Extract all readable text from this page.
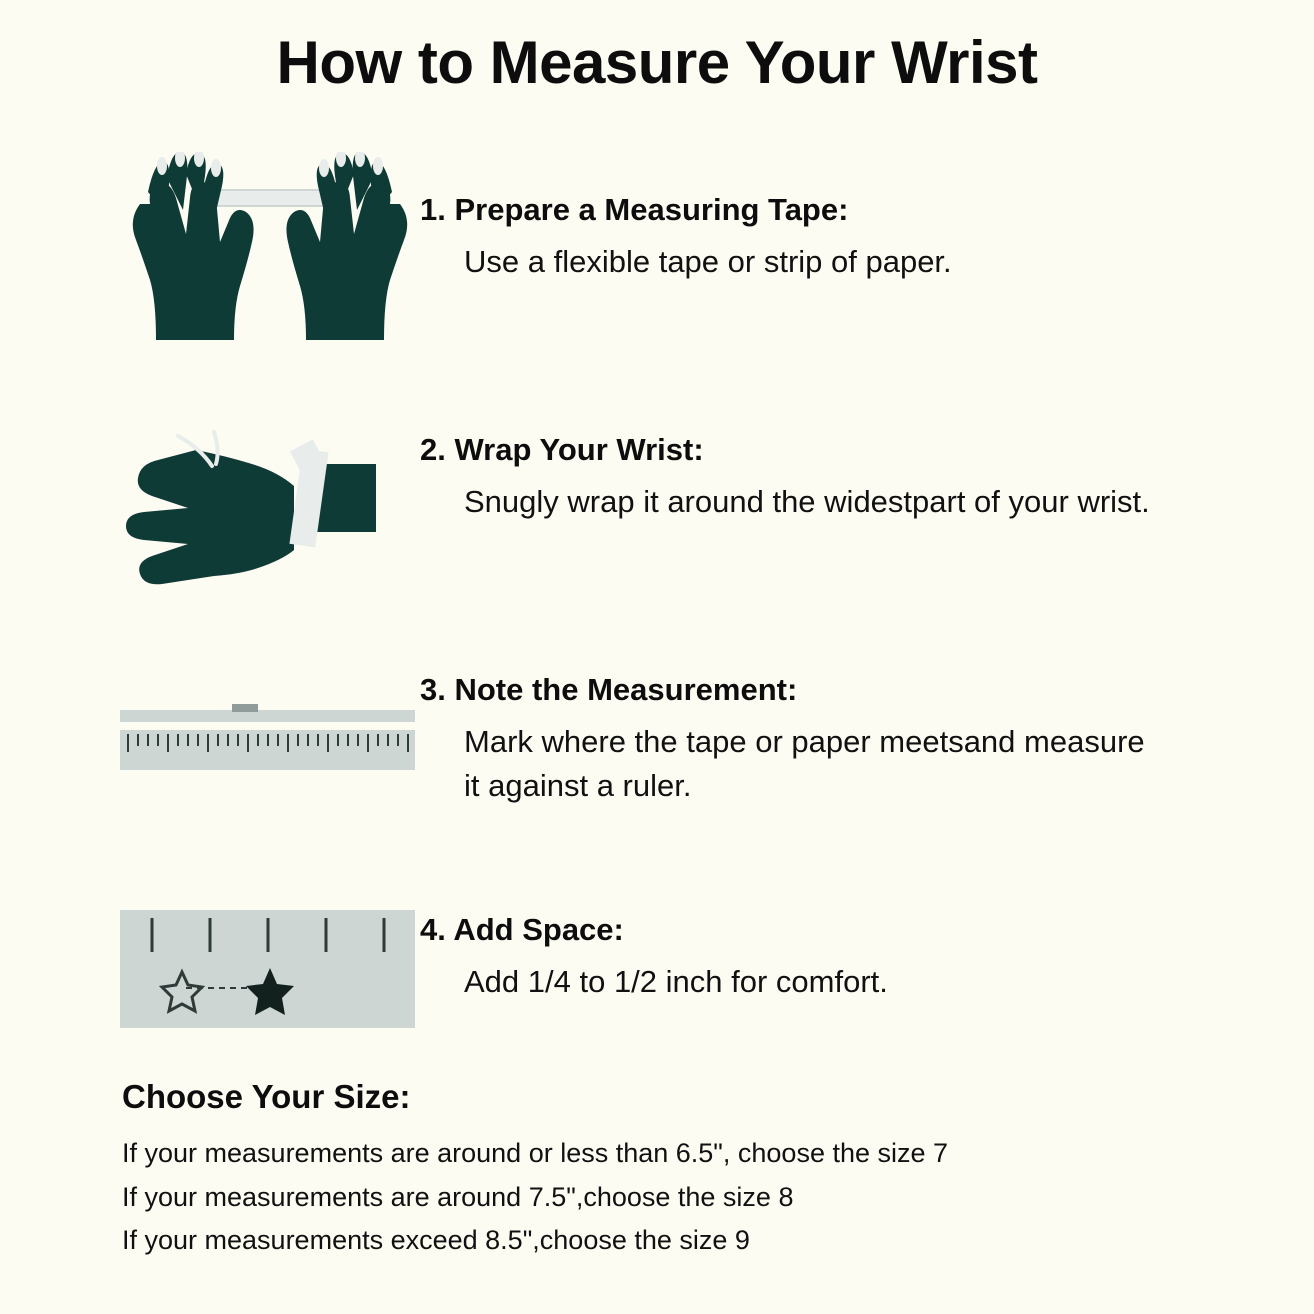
How to Measure Your Wrist
1. Prepare a Measuring Tape:
Use a flexible tape or strip of paper.
2. Wrap Your Wrist:
Snugly wrap it around the widestpart of your wrist.
3. Note the Measurement:
Mark where the tape or paper meetsand measure it against a ruler.
4. Add Space:
Add 1/4 to 1/2 inch for comfort.
Choose Your Size:
If your measurements are around or less than 6.5", choose the size 7
If your measurements are around 7.5",choose the size 8
If your measurements exceed 8.5",choose the size 9
